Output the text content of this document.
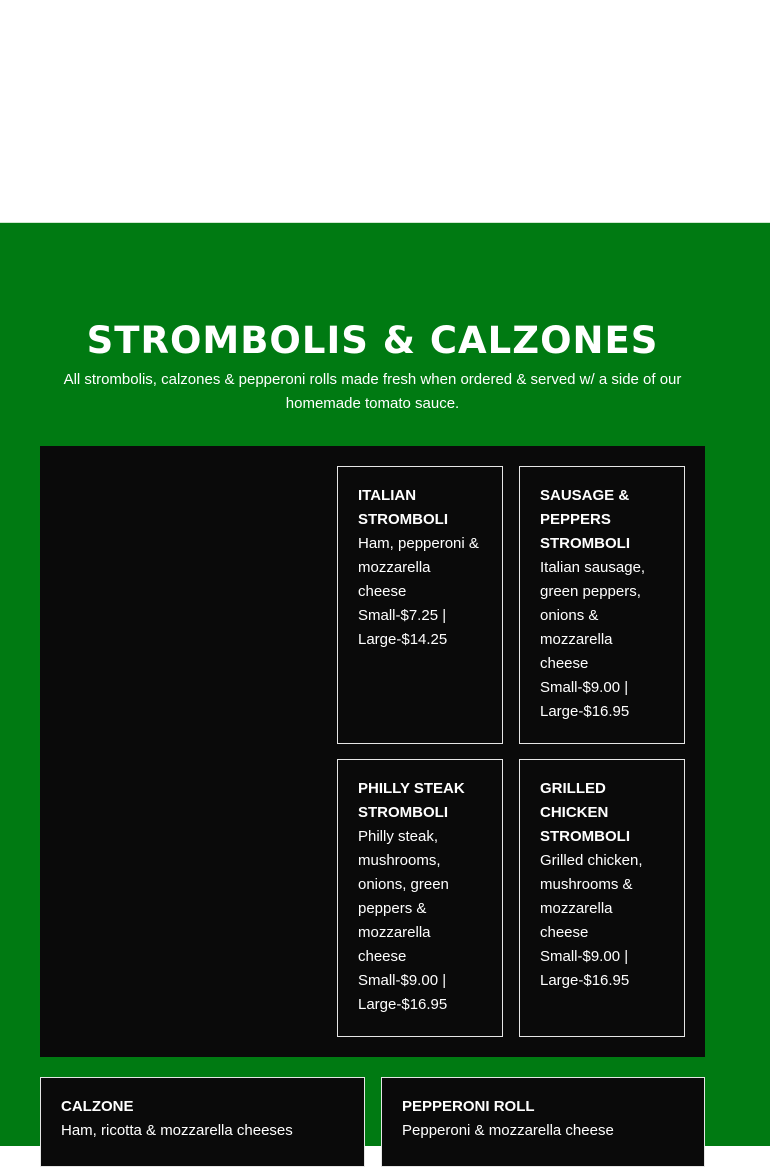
STROMBOLIS & CALZONES
All strombolis, calzones & pepperoni rolls made fresh when ordered & served w/ a side of our homemade tomato sauce.
ITALIAN STROMBOLI
Ham, pepperoni & mozzarella cheese
Small-$7.25 | Large-$14.25
SAUSAGE & PEPPERS STROMBOLI
Italian sausage, green peppers, onions & mozzarella cheese
Small-$9.00 | Large-$16.95
PHILLY STEAK STROMBOLI
Philly steak, mushrooms, onions, green peppers & mozzarella cheese
Small-$9.00 | Large-$16.95
GRILLED CHICKEN STROMBOLI
Grilled chicken, mushrooms & mozzarella cheese
Small-$9.00 | Large-$16.95
CALZONE
Ham, ricotta & mozzarella cheeses
PEPPERONI ROLL
Pepperoni & mozzarella cheese
